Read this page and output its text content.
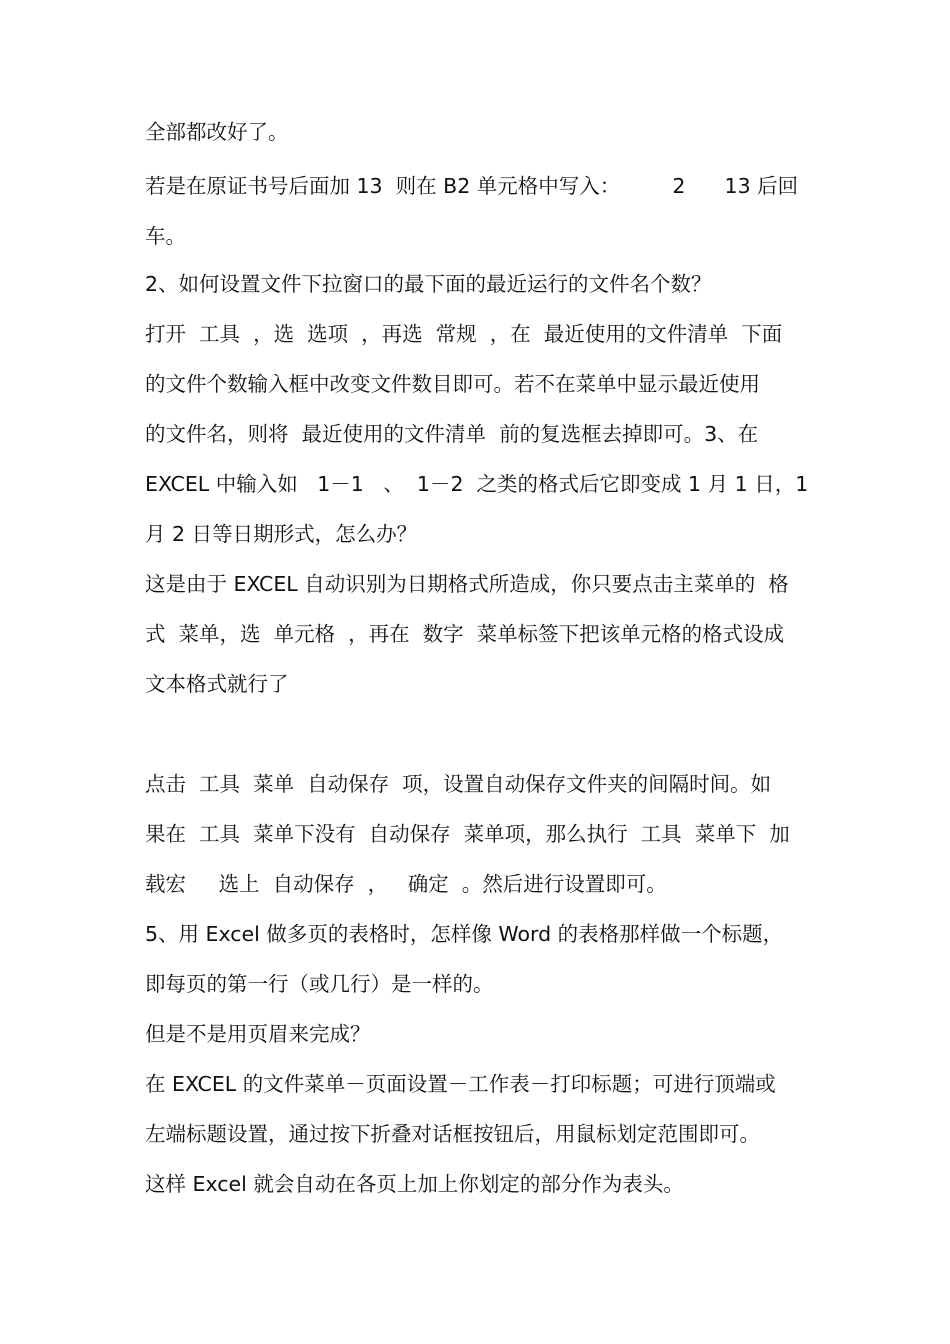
全部都改好了。
若是在原证书号后面加 13  则在 B2 单元格中写入：        2      13 后回
车。
2、如何设置文件下拉窗口的最下面的最近运行的文件名个数？
打开  工具  ，选  选项  ，再选  常规  ，在  最近使用的文件清单  下面
的文件个数输入框中改变文件数目即可。若不在菜单中显示最近使用
的文件名，则将  最近使用的文件清单  前的复选框去掉即可。3、在
EXCEL 中输入如   1－1   、  1－2  之类的格式后它即变成 1 月 1 日，1
月 2 日等日期形式，怎么办？
这是由于 EXCEL 自动识别为日期格式所造成，你只要点击主菜单的  格
式  菜单，选  单元格  ，再在  数字  菜单标签下把该单元格的格式设成
文本格式就行了

点击  工具  菜单  自动保存  项，设置自动保存文件夹的间隔时间。如
果在  工具  菜单下没有  自动保存  菜单项，那么执行  工具  菜单下  加
载宏     选上  自动保存  ，   确定  。然后进行设置即可。
5、用 Excel 做多页的表格时，怎样像 Word 的表格那样做一个标题，
即每页的第一行（或几行）是一样的。
但是不是用页眉来完成？
在 EXCEL 的文件菜单－页面设置－工作表－打印标题；可进行顶端或
左端标题设置，通过按下折叠对话框按钮后，用鼠标划定范围即可。
这样 Excel 就会自动在各页上加上你划定的部分作为表头。
